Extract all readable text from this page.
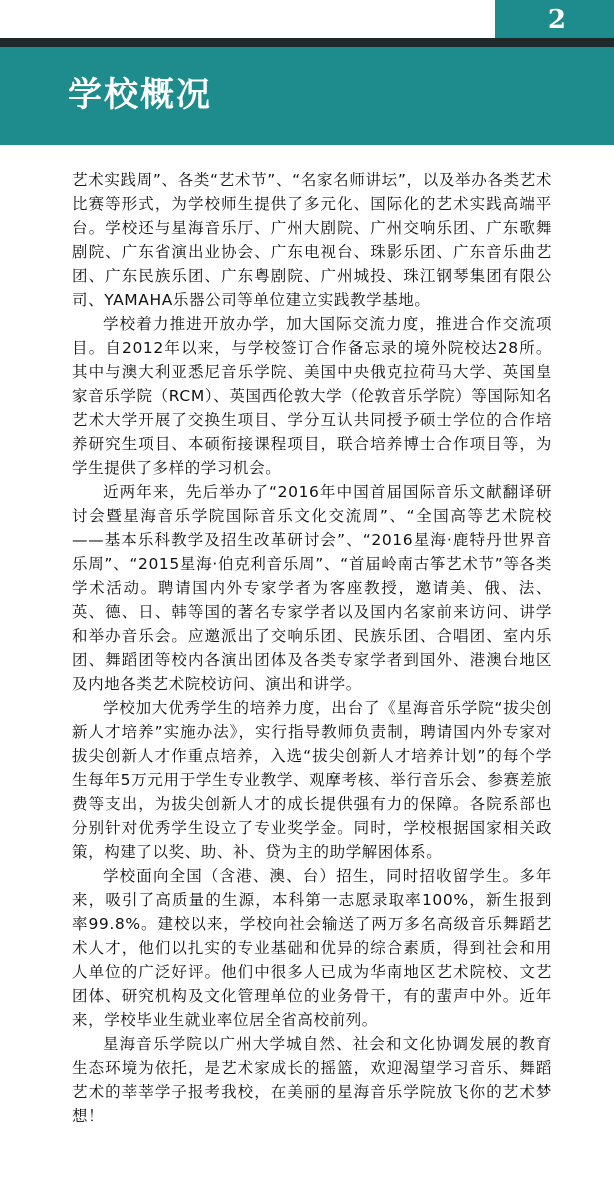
2
学校概况

艺术实践周”、各类“艺术节”、“名家名师讲坛”，以及举办各类艺术比赛等形式，为学校师生提供了多元化、国际化的艺术实践高端平台。学校还与星海音乐厅、广州大剧院、广州交响乐团、广东歌舞剧院、广东省演出业协会、广东电视台、珠影乐团、广东音乐曲艺团、广东民族乐团、广东粤剧院、广州城投、珠江钢琴集团有限公司、YAMAHA乐器公司等单位建立实践教学基地。

学校着力推进开放办学，加大国际交流力度，推进合作交流项目。自2012年以来，与学校签订合作备忘录的境外院校达28所。其中与澳大利亚悉尼音乐学院、美国中央俄克拉荷马大学、英国皇家音乐学院（RCM）、英国西伦敦大学（伦敦音乐学院）等国际知名艺术大学开展了交换生项目、学分互认共同授予硕士学位的合作培养研究生项目、本硕衔接课程项目，联合培养博士合作项目等，为学生提供了多样的学习机会。

近两年来，先后举办了“2016年中国首届国际音乐文献翻译研讨会暨星海音乐学院国际音乐文化交流周”、“全国高等艺术院校——基本乐科教学及招生改革研讨会”、“2016星海·鹿特丹世界音乐周”、“2015星海·伯克利音乐周”、“首届岭南古筝艺术节”等各类学术活动。聘请国内外专家学者为客座教授，邀请美、俄、法、英、德、日、韩等国的著名专家学者以及国内名家前来访问、讲学和举办音乐会。应邀派出了交响乐团、民族乐团、合唱团、室内乐团、舞蹈团等校内各演出团体及各类专家学者到国外、港澳台地区及内地各类艺术院校访问、演出和讲学。

学校加大优秀学生的培养力度，出台了《星海音乐学院“拔尖创新人才培养”实施办法》，实行指导教师负责制，聘请国内外专家对拔尖创新人才作重点培养，入选“拔尖创新人才培养计划”的每个学生每年5万元用于学生专业教学、观摩考核、举行音乐会、参赛差旅费等支出，为拔尖创新人才的成长提供强有力的保障。各院系部也分别针对优秀学生设立了专业奖学金。同时，学校根据国家相关政策，构建了以奖、助、补、贷为主的助学解困体系。

学校面向全国（含港、澳、台）招生，同时招收留学生。多年来，吸引了高质量的生源，本科第一志愿录取率100%，新生报到率99.8%。建校以来，学校向社会输送了两万多名高级音乐舞蹈艺术人才，他们以扎实的专业基础和优异的综合素质，得到社会和用人单位的广泛好评。他们中很多人已成为华南地区艺术院校、文艺团体、研究机构及文化管理单位的业务骨干，有的蜚声中外。近年来，学校毕业生就业率位居全省高校前列。

星海音乐学院以广州大学城自然、社会和文化协调发展的教育生态环境为依托，是艺术家成长的摇篮，欢迎渴望学习音乐、舞蹈艺术的莘莘学子报考我校，在美丽的星海音乐学院放飞你的艺术梦想！
